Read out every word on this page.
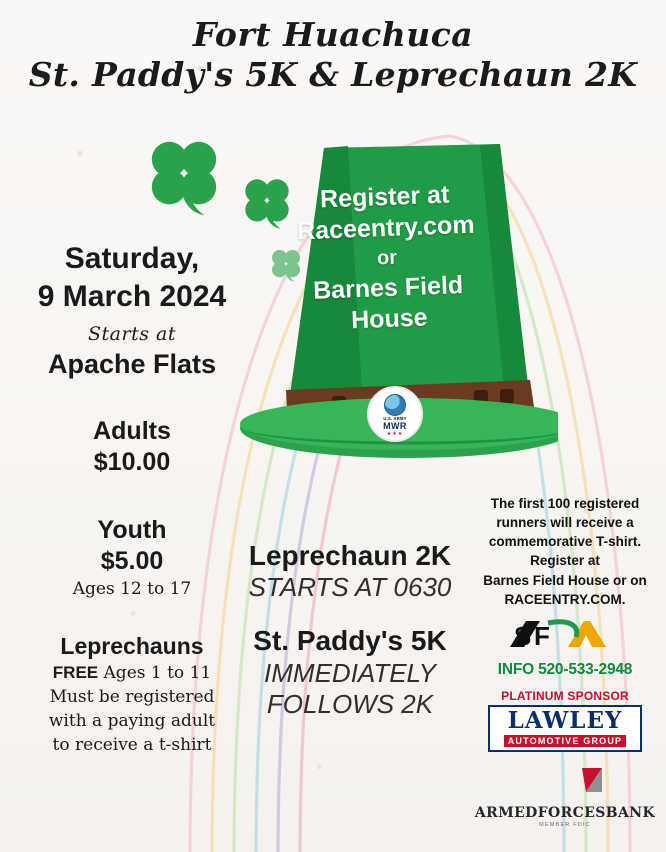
Fort Huachuca
St. Paddy's 5K & Leprechaun 2K
Register at
Raceentry.com
or
Barnes Field
House
U.S. ARMY
MWR
★★★
Saturday,
9 March 2024
Starts at
Apache Flats
Adults
$10.00
Youth
$5.00
Ages 12 to 17
Leprechauns
FREE Ages 1 to 11
Must be registered
with a paying adult
to receive a t-shirt
Leprechaun 2K
STARTS AT 0630
St. Paddy's 5K
IMMEDIATELY
FOLLOWS 2K
The first 100 registered
runners will receive a
commemorative T-shirt.
Register at
Barnes Field House or on
RACEENTRY.COM.
S F
INFO 520-533-2948
PLATINUM SPONSOR
LAWLEY
AUTOMOTIVE GROUP
ARMEDFORCESBANK
MEMBER FDIC
